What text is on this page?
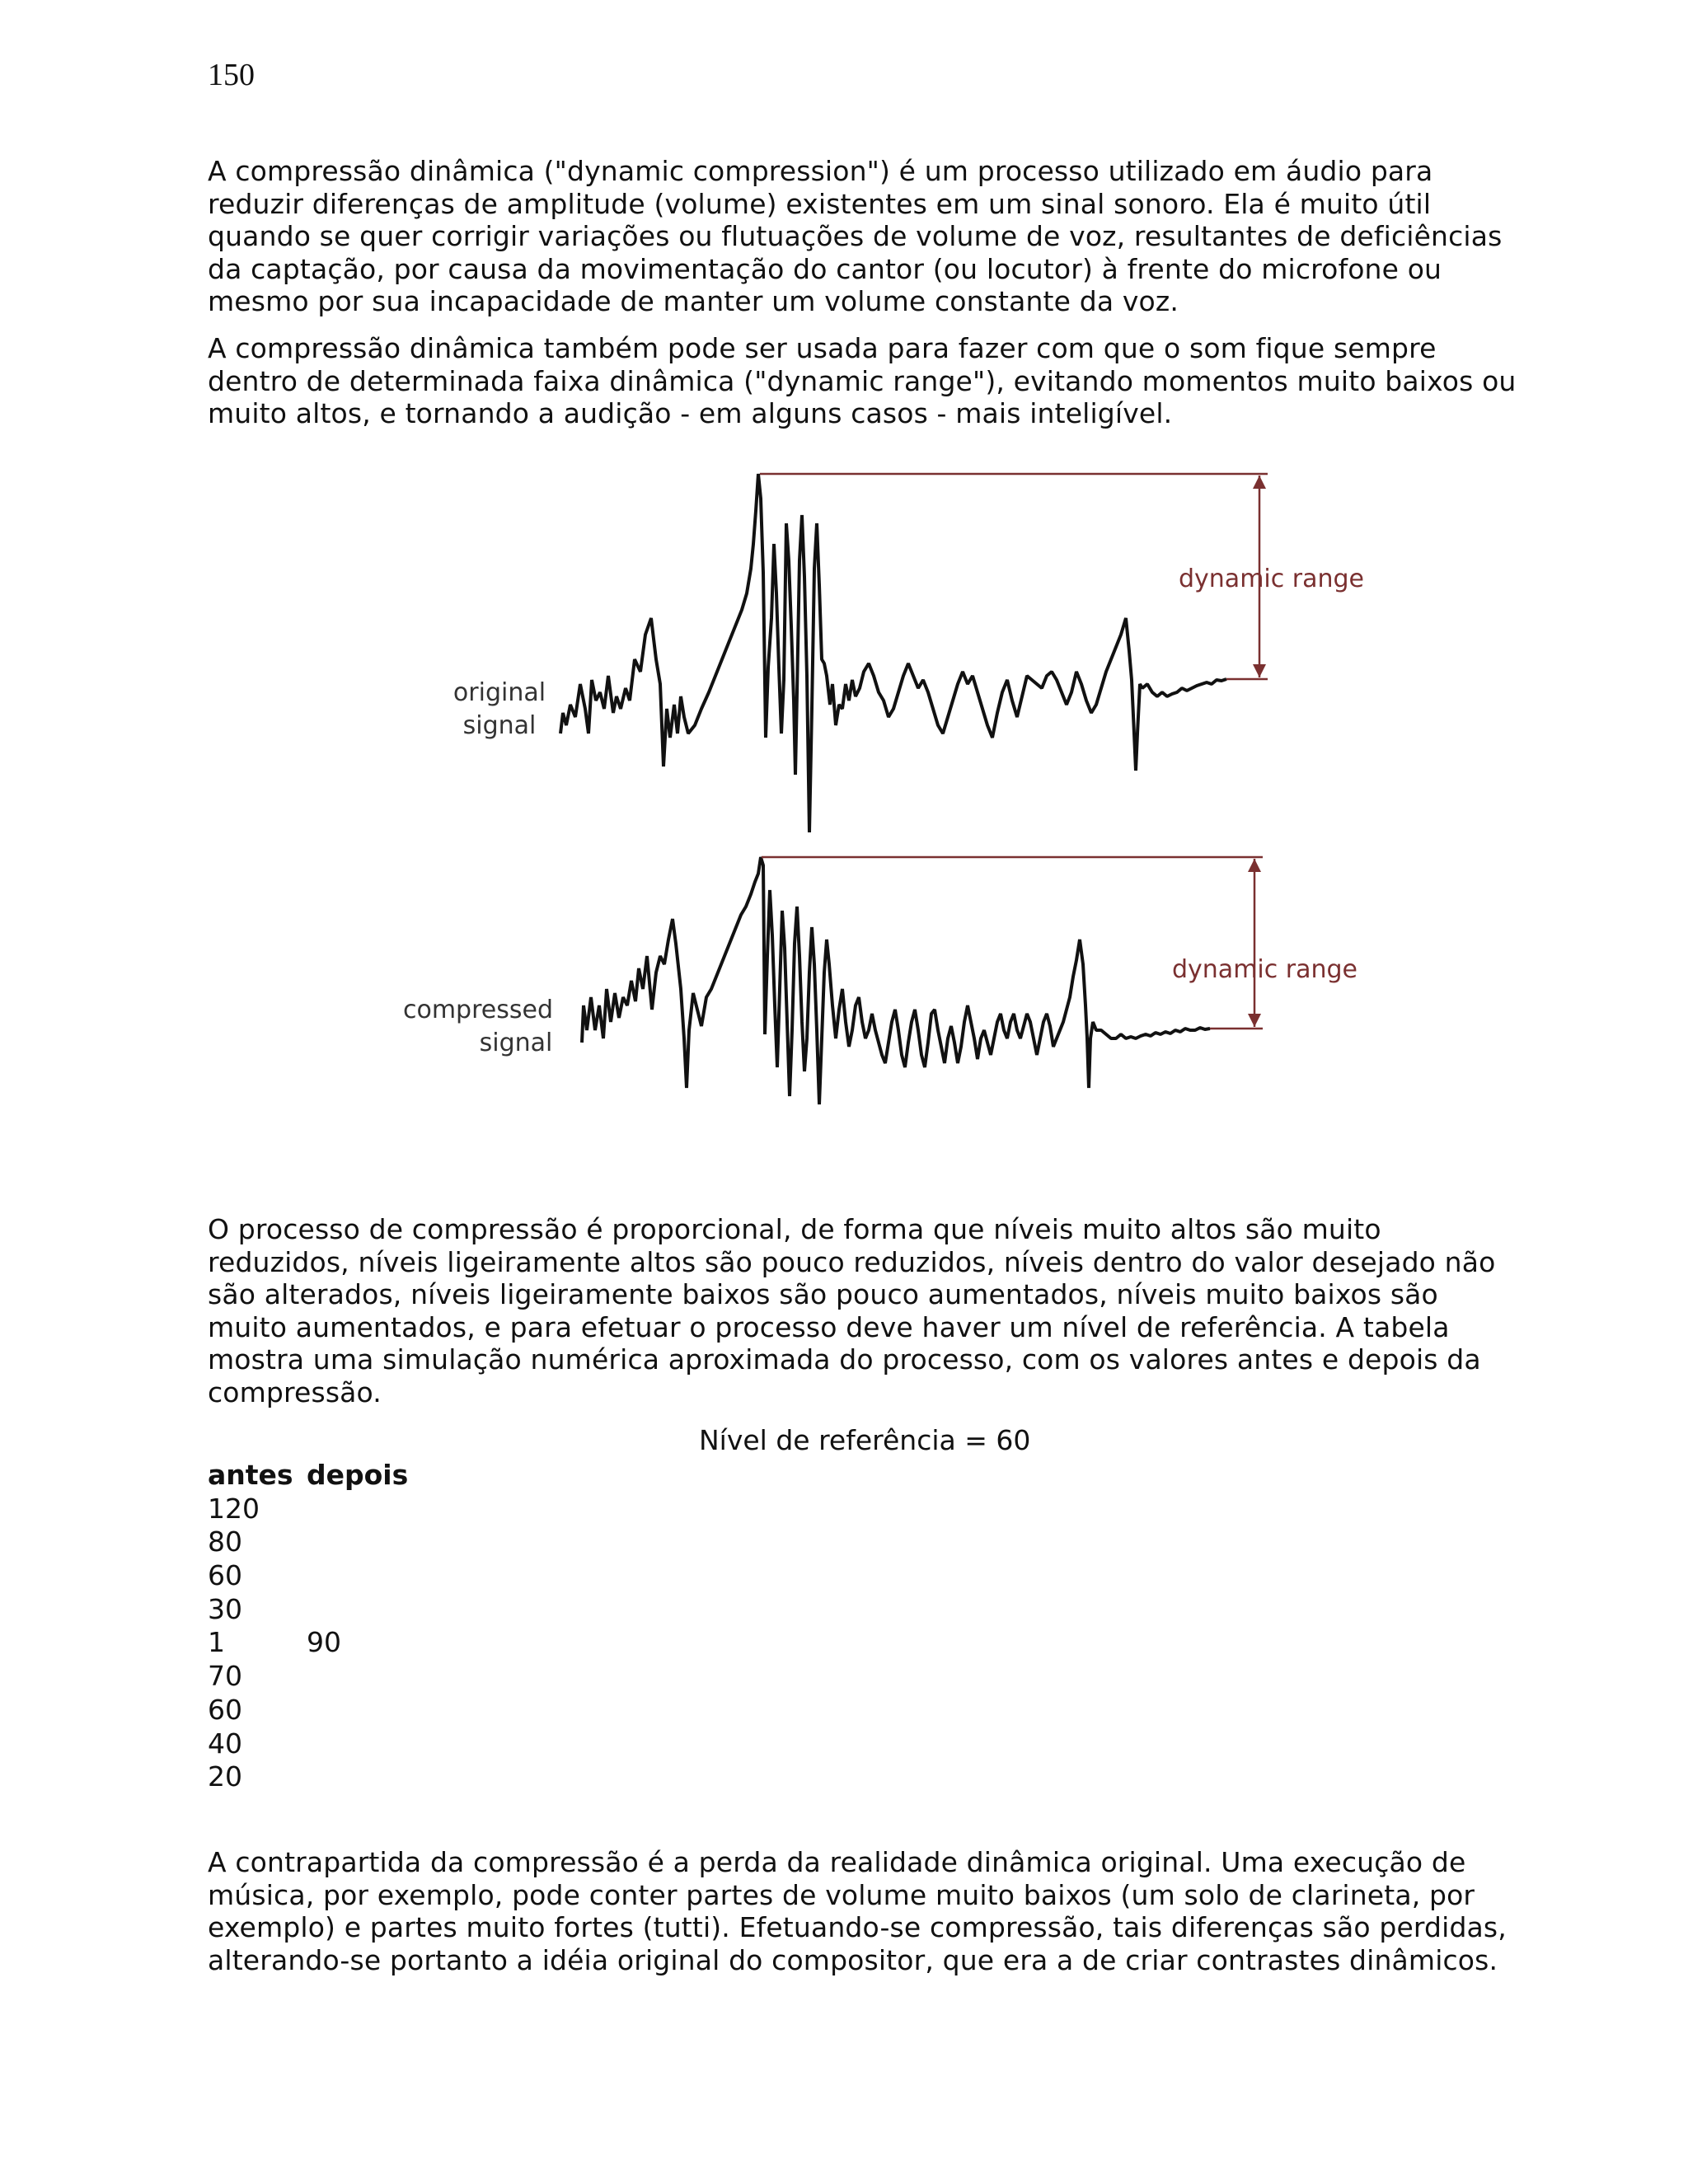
150
A compressão dinâmica ("dynamic compression") é um processo utilizado em áudio para
reduzir diferenças de amplitude (volume) existentes em um sinal sonoro. Ela é muito útil
quando se quer corrigir variações ou flutuações de volume de voz, resultantes de deficiências
da captação, por causa da movimentação do cantor (ou locutor) à frente do microfone ou
mesmo por sua incapacidade de manter um volume constante da voz.
A compressão dinâmica também pode ser usada para fazer com que o som fique sempre
dentro de determinada faixa dinâmica ("dynamic range"), evitando momentos muito baixos ou
muito altos, e tornando a audição - em alguns casos - mais inteligível.
original
signal
dynamic range
compressed
signal
dynamic range
O processo de compressão é proporcional, de forma que níveis muito altos são muito
reduzidos, níveis ligeiramente altos são pouco reduzidos, níveis dentro do valor desejado não
são alterados, níveis ligeiramente baixos são pouco aumentados, níveis muito baixos são
muito aumentados, e para efetuar o processo deve haver um nível de referência. A tabela
mostra uma simulação numérica aproximada do processo, com os valores antes e depois da
compressão.
Nível de referência = 60
antes depois
120
80
60
30
1	90
70
60
40
20
A contrapartida da compressão é a perda da realidade dinâmica original. Uma execução de
música, por exemplo, pode conter partes de volume muito baixos (um solo de clarineta, por
exemplo) e partes muito fortes (tutti). Efetuando-se compressão, tais diferenças são perdidas,
alterando-se portanto a idéia original do compositor, que era a de criar contrastes dinâmicos.
